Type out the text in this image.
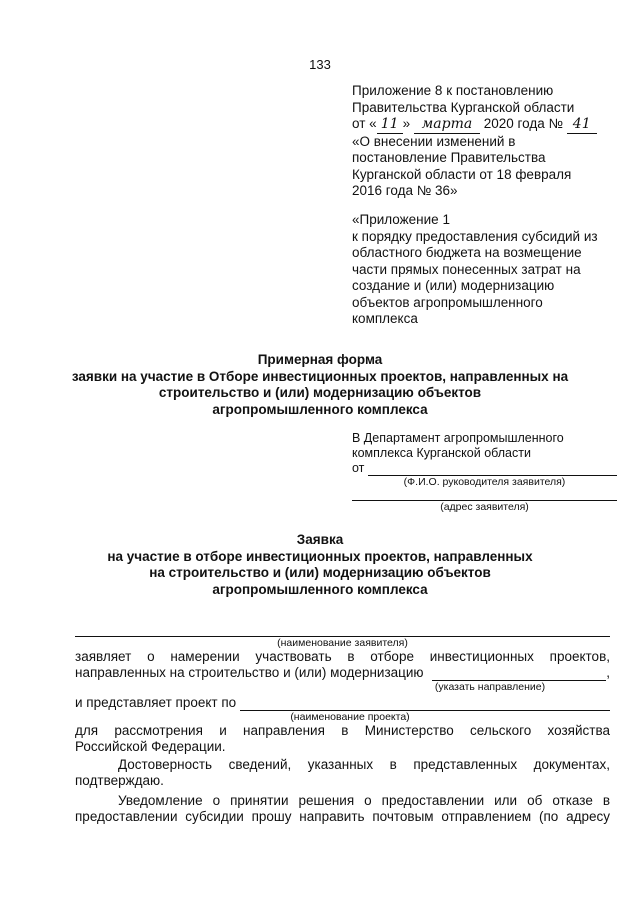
133
Приложение 8 к постановлению
Правительства Курганской области
от « 11 » марта 2020 года № 41
«О внесении изменений в
постановление Правительства
Курганской области от 18 февраля
2016 года № 36»
«Приложение 1
к порядку предоставления субсидий из
областного бюджета на возмещение
части прямых понесенных затрат на
создание и (или) модернизацию
объектов агропромышленного
комплекса
Примерная форма
заявки на участие в Отборе инвестиционных проектов, направленных на
строительство и (или) модернизацию объектов
агропромышленного комплекса
В Департамент агропромышленного
комплекса Курганской области
от
(Ф.И.О. руководителя заявителя)
(адрес заявителя)
Заявка
на участие в отборе инвестиционных проектов, направленных
на строительство и (или) модернизацию объектов
агропромышленного комплекса
(наименование заявителя)

заявляет о намерении участвовать в отборе инвестиционных проектов,

направленных на строительство и (или) модернизацию	,
(указать направление)
и представляет проект по
(наименование проекта)

для рассмотрения и направления в Министерство сельского хозяйства

Российской Федерации.

Достоверность сведений, указанных в представленных документах,

подтверждаю.

Уведомление о принятии решения о предоставлении или об отказе в

предоставлении субсидии прошу направить почтовым отправлением (по адресу
